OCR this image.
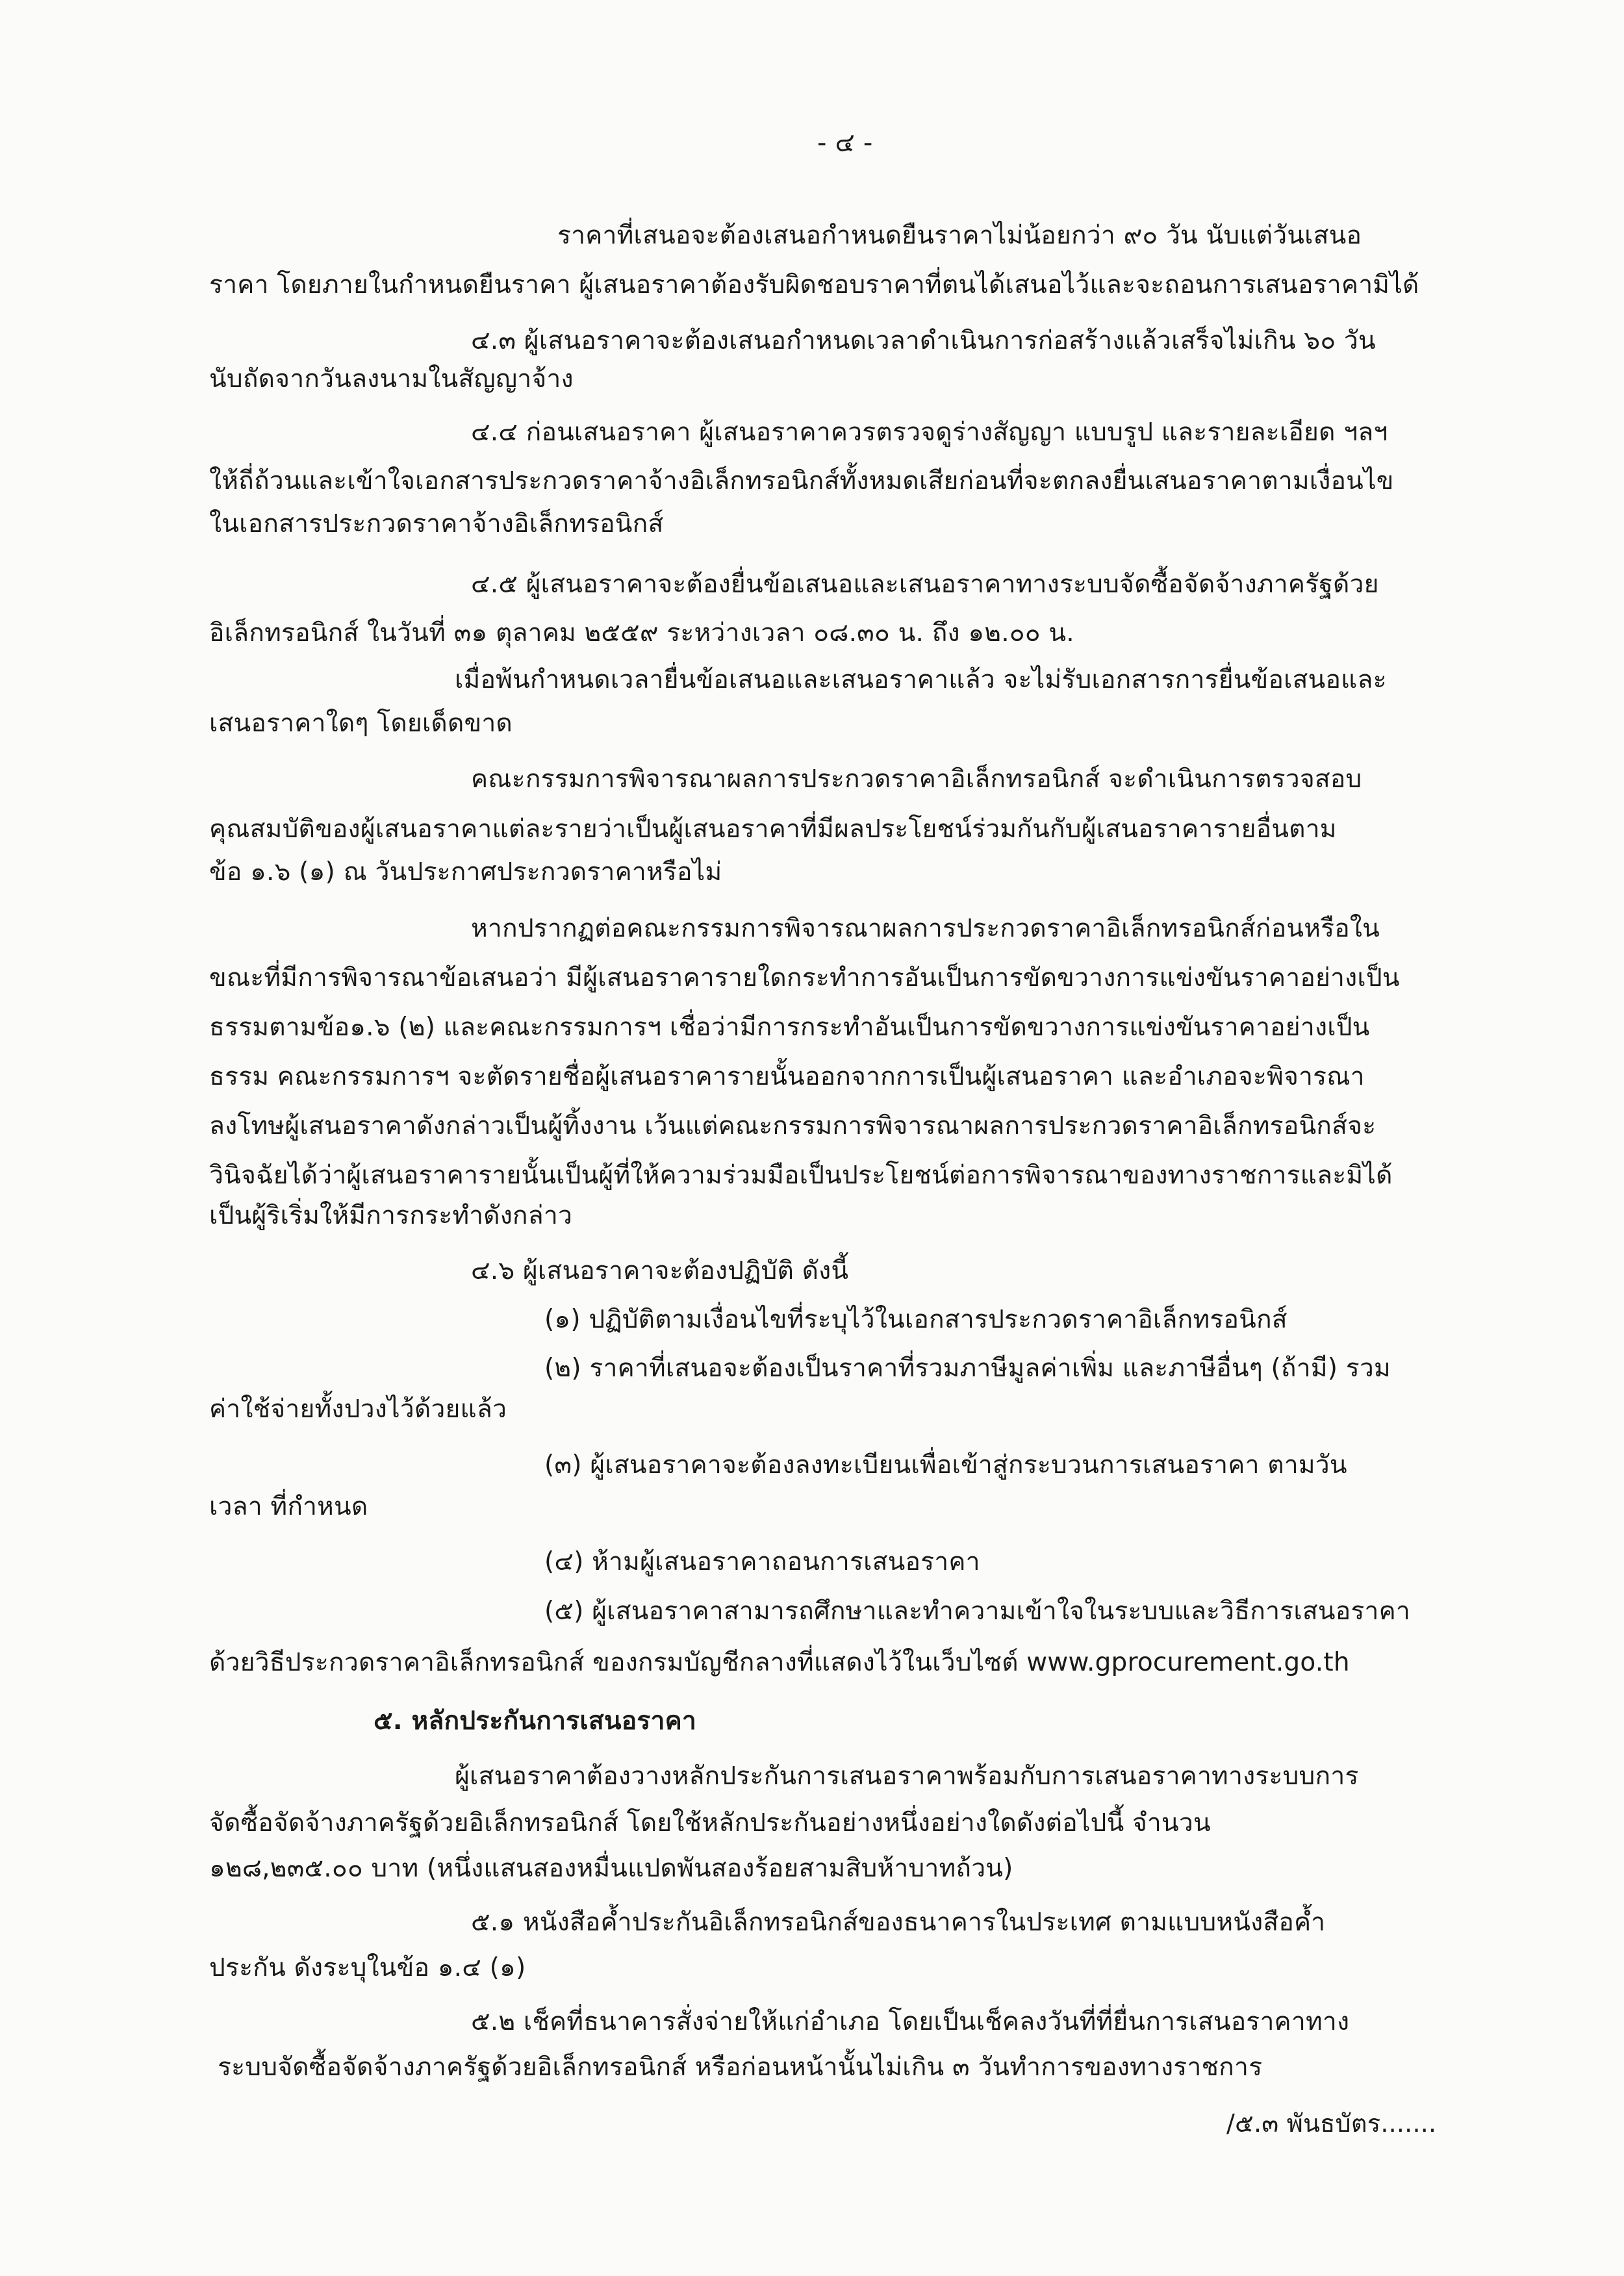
- ๔ -
ราคาที่เสนอจะต้องเสนอกำหนดยืนราคาไม่น้อยกว่า ๙๐ วัน นับแต่วันเสนอ
ราคา โดยภายในกำหนดยืนราคา ผู้เสนอราคาต้องรับผิดชอบราคาที่ตนได้เสนอไว้และจะถอนการเสนอราคามิได้
๔.๓ ผู้เสนอราคาจะต้องเสนอกำหนดเวลาดำเนินการก่อสร้างแล้วเสร็จไม่เกิน ๖๐ วัน
นับถัดจากวันลงนามในสัญญาจ้าง
๔.๔ ก่อนเสนอราคา ผู้เสนอราคาควรตรวจดูร่างสัญญา แบบรูป และรายละเอียด ฯลฯ
ให้ถี่ถ้วนและเข้าใจเอกสารประกวดราคาจ้างอิเล็กทรอนิกส์ทั้งหมดเสียก่อนที่จะตกลงยื่นเสนอราคาตามเงื่อนไข
ในเอกสารประกวดราคาจ้างอิเล็กทรอนิกส์
๔.๕ ผู้เสนอราคาจะต้องยื่นข้อเสนอและเสนอราคาทางระบบจัดซื้อจัดจ้างภาครัฐด้วย
อิเล็กทรอนิกส์ ในวันที่ ๓๑ ตุลาคม ๒๕๕๙ ระหว่างเวลา ๐๘.๓๐ น. ถึง ๑๒.๐๐ น.
เมื่อพ้นกำหนดเวลายื่นข้อเสนอและเสนอราคาแล้ว จะไม่รับเอกสารการยื่นข้อเสนอและ
เสนอราคาใดๆ โดยเด็ดขาด
คณะกรรมการพิจารณาผลการประกวดราคาอิเล็กทรอนิกส์ จะดำเนินการตรวจสอบ
คุณสมบัติของผู้เสนอราคาแต่ละรายว่าเป็นผู้เสนอราคาที่มีผลประโยชน์ร่วมกันกับผู้เสนอราคารายอื่นตาม
ข้อ ๑.๖ (๑) ณ วันประกาศประกวดราคาหรือไม่
หากปรากฏต่อคณะกรรมการพิจารณาผลการประกวดราคาอิเล็กทรอนิกส์ก่อนหรือใน
ขณะที่มีการพิจารณาข้อเสนอว่า มีผู้เสนอราคารายใดกระทำการอันเป็นการขัดขวางการแข่งขันราคาอย่างเป็น
ธรรมตามข้อ๑.๖ (๒) และคณะกรรมการฯ เชื่อว่ามีการกระทำอันเป็นการขัดขวางการแข่งขันราคาอย่างเป็น
ธรรม คณะกรรมการฯ จะตัดรายชื่อผู้เสนอราคารายนั้นออกจากการเป็นผู้เสนอราคา และอำเภอจะพิจารณา
ลงโทษผู้เสนอราคาดังกล่าวเป็นผู้ทิ้งงาน เว้นแต่คณะกรรมการพิจารณาผลการประกวดราคาอิเล็กทรอนิกส์จะ
วินิจฉัยได้ว่าผู้เสนอราคารายนั้นเป็นผู้ที่ให้ความร่วมมือเป็นประโยชน์ต่อการพิจารณาของทางราชการและมิได้
เป็นผู้ริเริ่มให้มีการกระทำดังกล่าว
๔.๖ ผู้เสนอราคาจะต้องปฏิบัติ ดังนี้
(๑) ปฏิบัติตามเงื่อนไขที่ระบุไว้ในเอกสารประกวดราคาอิเล็กทรอนิกส์
(๒) ราคาที่เสนอจะต้องเป็นราคาที่รวมภาษีมูลค่าเพิ่ม และภาษีอื่นๆ (ถ้ามี) รวม
ค่าใช้จ่ายทั้งปวงไว้ด้วยแล้ว
(๓) ผู้เสนอราคาจะต้องลงทะเบียนเพื่อเข้าสู่กระบวนการเสนอราคา ตามวัน
เวลา ที่กำหนด
(๔) ห้ามผู้เสนอราคาถอนการเสนอราคา
(๕) ผู้เสนอราคาสามารถศึกษาและทำความเข้าใจในระบบและวิธีการเสนอราคา
ด้วยวิธีประกวดราคาอิเล็กทรอนิกส์ ของกรมบัญชีกลางที่แสดงไว้ในเว็บไซต์ www.gprocurement.go.th
๕. หลักประกันการเสนอราคา
ผู้เสนอราคาต้องวางหลักประกันการเสนอราคาพร้อมกับการเสนอราคาทางระบบการ
จัดซื้อจัดจ้างภาครัฐด้วยอิเล็กทรอนิกส์ โดยใช้หลักประกันอย่างหนึ่งอย่างใดดังต่อไปนี้ จำนวน
๑๒๘,๒๓๕.๐๐ บาท (หนึ่งแสนสองหมื่นแปดพันสองร้อยสามสิบห้าบาทถ้วน)
๕.๑ หนังสือค้ำประกันอิเล็กทรอนิกส์ของธนาคารในประเทศ ตามแบบหนังสือค้ำ
ประกัน ดังระบุในข้อ ๑.๔ (๑)
๕.๒ เช็คที่ธนาคารสั่งจ่ายให้แก่อำเภอ โดยเป็นเช็คลงวันที่ที่ยื่นการเสนอราคาทาง
ระบบจัดซื้อจัดจ้างภาครัฐด้วยอิเล็กทรอนิกส์ หรือก่อนหน้านั้นไม่เกิน ๓ วันทำการของทางราชการ
/๕.๓ พันธบัตร.......
